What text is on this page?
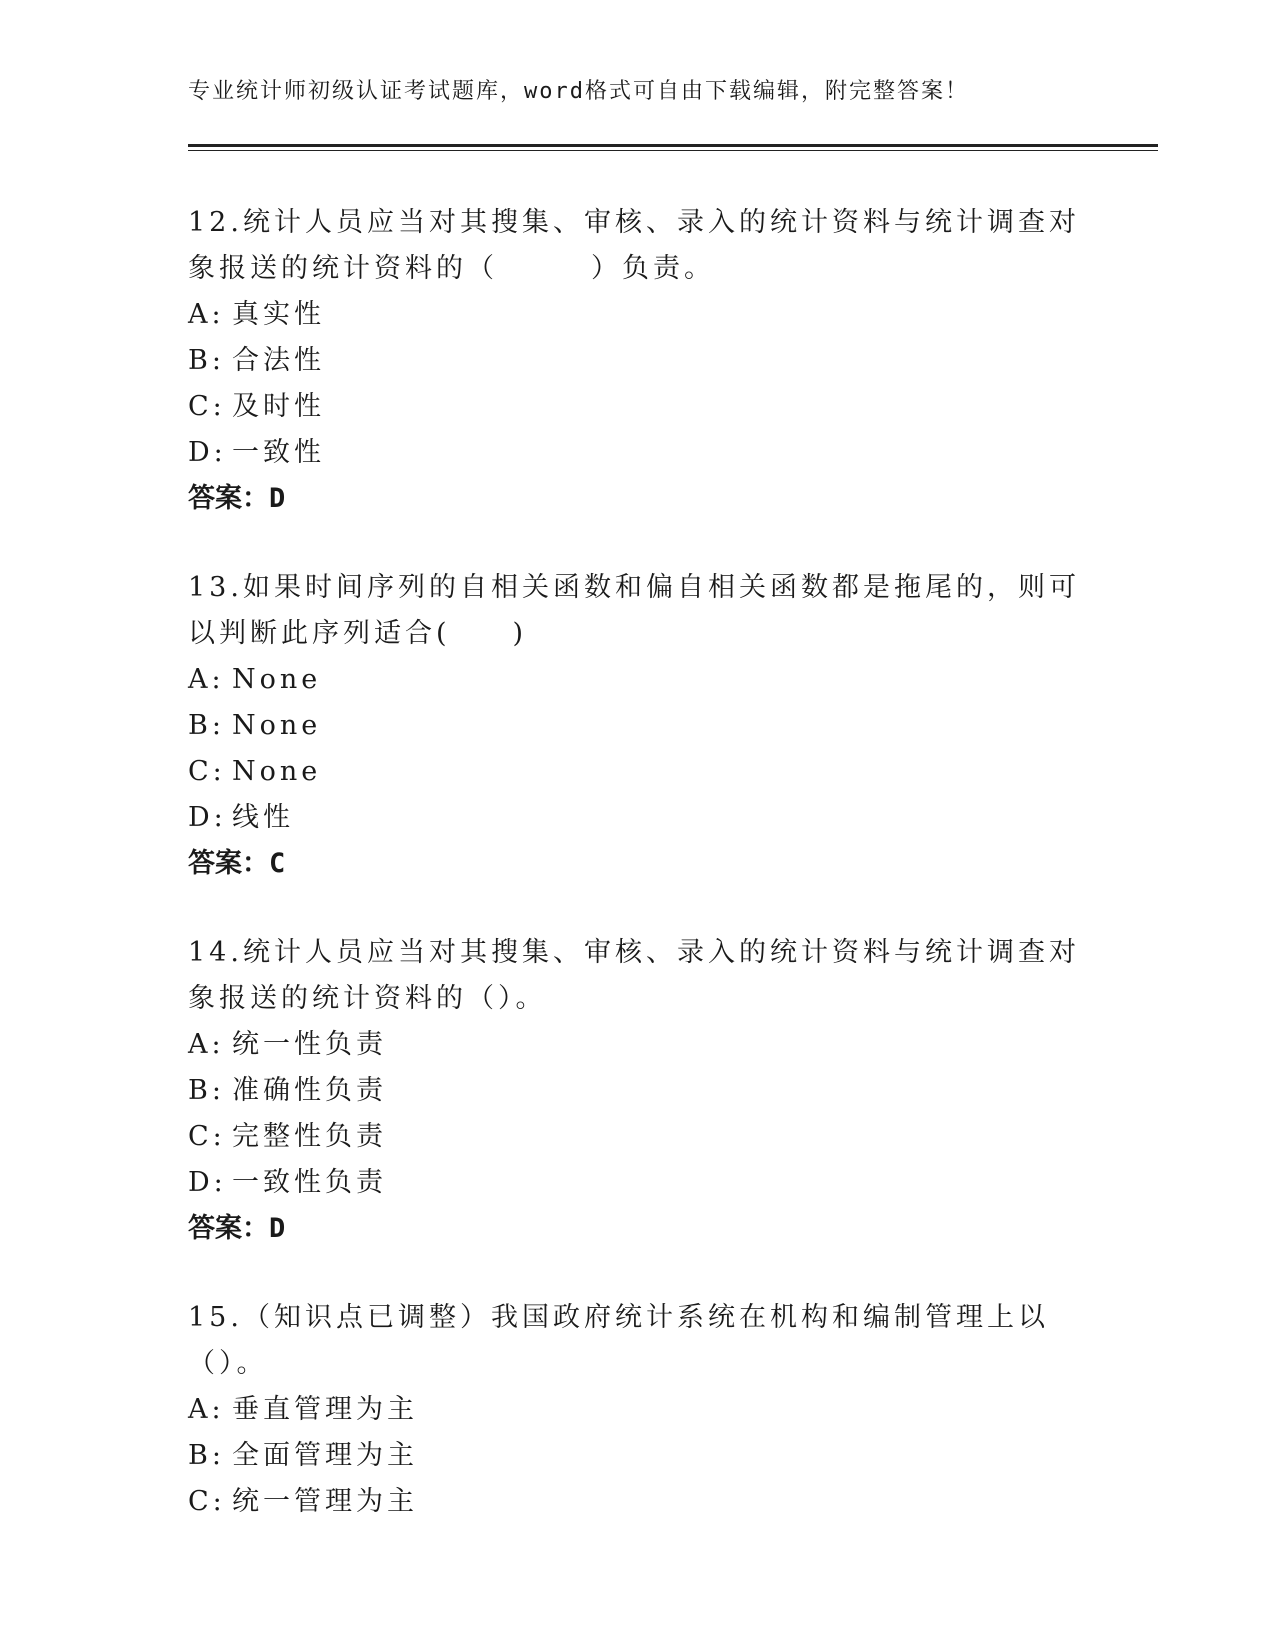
专业统计师初级认证考试题库，word格式可自由下载编辑，附完整答案！
12.统计人员应当对其搜集、审核、录入的统计资料与统计调查对象报送的统计资料的（　　　）负责。
A: 真实性
B: 合法性
C: 及时性
D: 一致性
答案：D
13.如果时间序列的自相关函数和偏自相关函数都是拖尾的，则可以判断此序列适合(　　)
A: None
B: None
C: None
D: 线性
答案：C
14.统计人员应当对其搜集、审核、录入的统计资料与统计调查对象报送的统计资料的（）。
A: 统一性负责
B: 准确性负责
C: 完整性负责
D: 一致性负责
答案：D
15.（知识点已调整）我国政府统计系统在机构和编制管理上以（）。
A: 垂直管理为主
B: 全面管理为主
C: 统一管理为主
